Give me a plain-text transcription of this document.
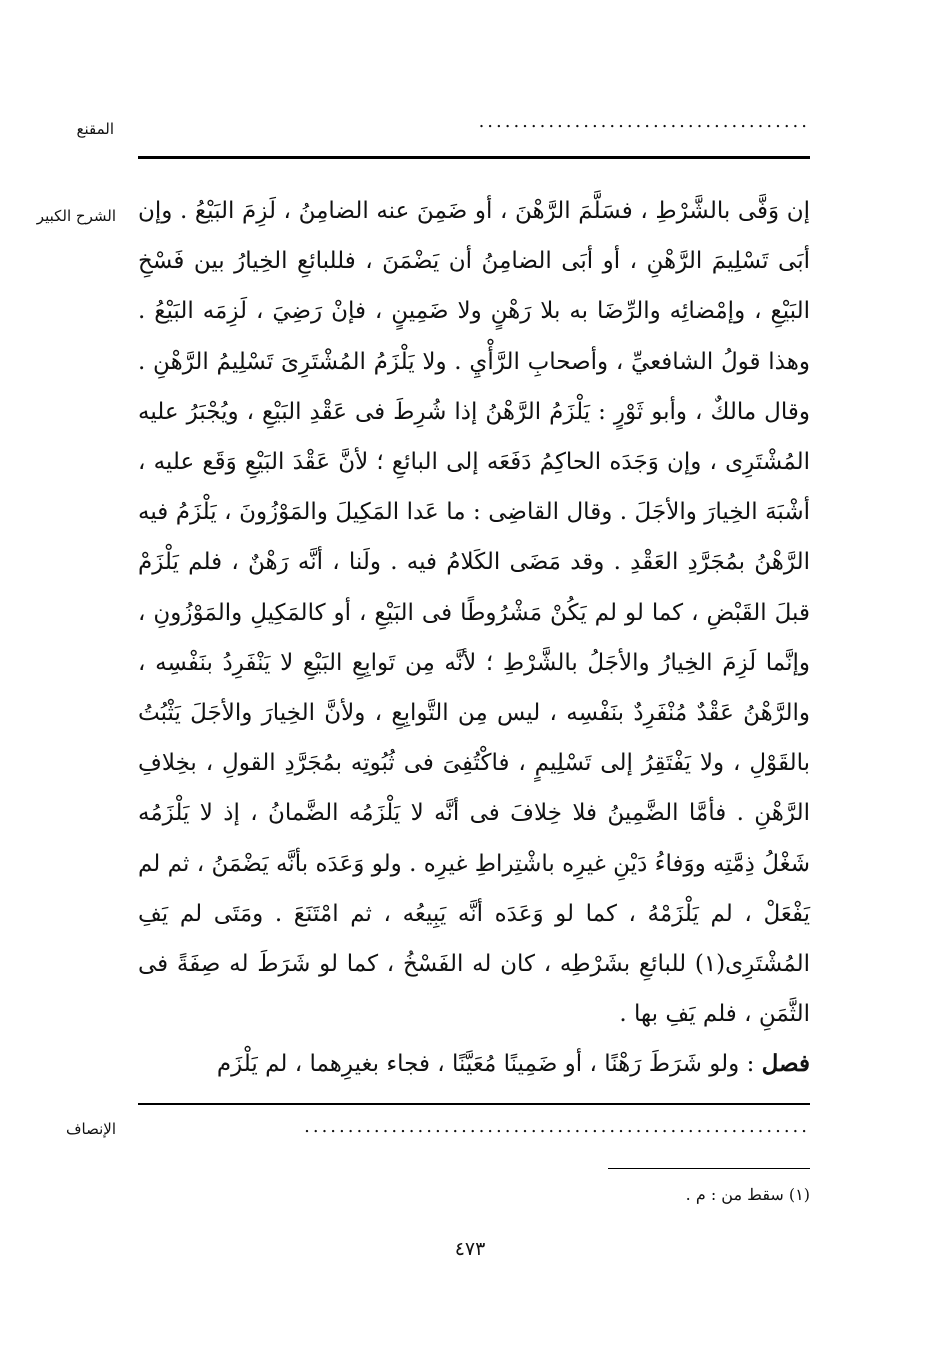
المقنع	......................................
الشرح الكبير إن وَفَّى بالشَّرْطِ ، فسَلَّمَ الرَّهْنَ ، أو ضَمِنَ عنه الضامِنُ ، لَزِمَ البَيْعُ . وإن أبَى تَسْلِيمَ الرَّهْنِ ، أو أبَى الضامِنُ أن يَضْمَنَ ، فللبائعِ الخِيارُ بين فَسْخِ البَيْعِ ، وإمْضائِه والرِّضَا به بلا رَهْنٍ ولا ضَمِينٍ ، فإنْ رَضِيَ ، لَزِمَه البَيْعُ . وهذا قولُ الشافعيِّ ، وأصحابِ الرَّأْيِ . ولا يَلْزَمُ المُشْتَرِىَ تَسْلِيمُ الرَّهْنِ . وقال مالكٌ ، وأبو ثَوْرٍ : يَلْزَمُ الرَّهْنُ إذا شُرِطَ فى عَقْدِ البَيْعِ ، ويُجْبَرُ عليه المُشْتَرِى ، وإن وَجَدَه الحاكِمُ دَفَعَه إلى البائعِ ؛ لأنَّ عَقْدَ البَيْعِ وَقَع عليه ، أشْبَهَ الخِيارَ والأجَلَ . وقال القاضِى : ما عَدا المَكِيلَ والمَوْزُونَ ، يَلْزَمُ فيه الرَّهْنُ بمُجَرَّدِ العَقْدِ . وقد مَضَى الكَلامُ فيه . ولَنا ، أنَّه رَهْنٌ ، فلم يَلْزَمْ قبلَ القَبْضِ ، كما لو لم يَكُنْ مَشْرُوطًا فى البَيْعِ ، أو كالمَكِيلِ والمَوْزُونِ ، وإنَّما لَزِمَ الخِيارُ والأجَلُ بالشَّرْطِ ؛ لأنَّه مِن تَوابِعِ البَيْعِ لا يَنْفَرِدُ بنَفْسِه ، والرَّهْنُ عَقْدٌ مُنْفَرِدٌ بنَفْسِه ، ليس مِن التَّوابِعِ ، ولأنَّ الخِيارَ والأجَلَ يَثْبُتُ بالقَوْلِ ، ولا يَفْتَقِرُ إلى تَسْلِيمٍ ، فاكْتُفِىَ فى ثُبُوتِه بمُجَرَّدِ القولِ ، بخِلافِ الرَّهْنِ . فأمَّا الضَّمِينُ فلا خِلافَ فى أنَّه لا يَلْزَمُه الضَّمانُ ، إذ لا يَلْزَمُه شَغْلُ ذِمَّتِه ووَفاءُ دَيْنِ غيرِه باشْتِراطِ غيرِه . ولو وَعَدَه بأنَّه يَضْمَنُ ، ثم لم يَفْعَلْ ، لم يَلْزَمْهُ ، كما لو وَعَدَه أنَّه يَبِيعُه ، ثم امْتَنَعَ . ومَتَى لم يَفِ المُشْتَرِى(١) للبائعِ بشَرْطِه ، كان له الفَسْخُ ، كما لو شَرَطَ له صِفَةً فى الثَّمَنِ ، فلم يَفِ بها .

فصل : ولو شَرَطَ رَهْنًا ، أو ضَمِينًا مُعَيَّنًا ، فجاء بغيرِهما ، لم يَلْزَم

الإنصاف	..........................................................
(١) سقط من : م .
٤٧٣
